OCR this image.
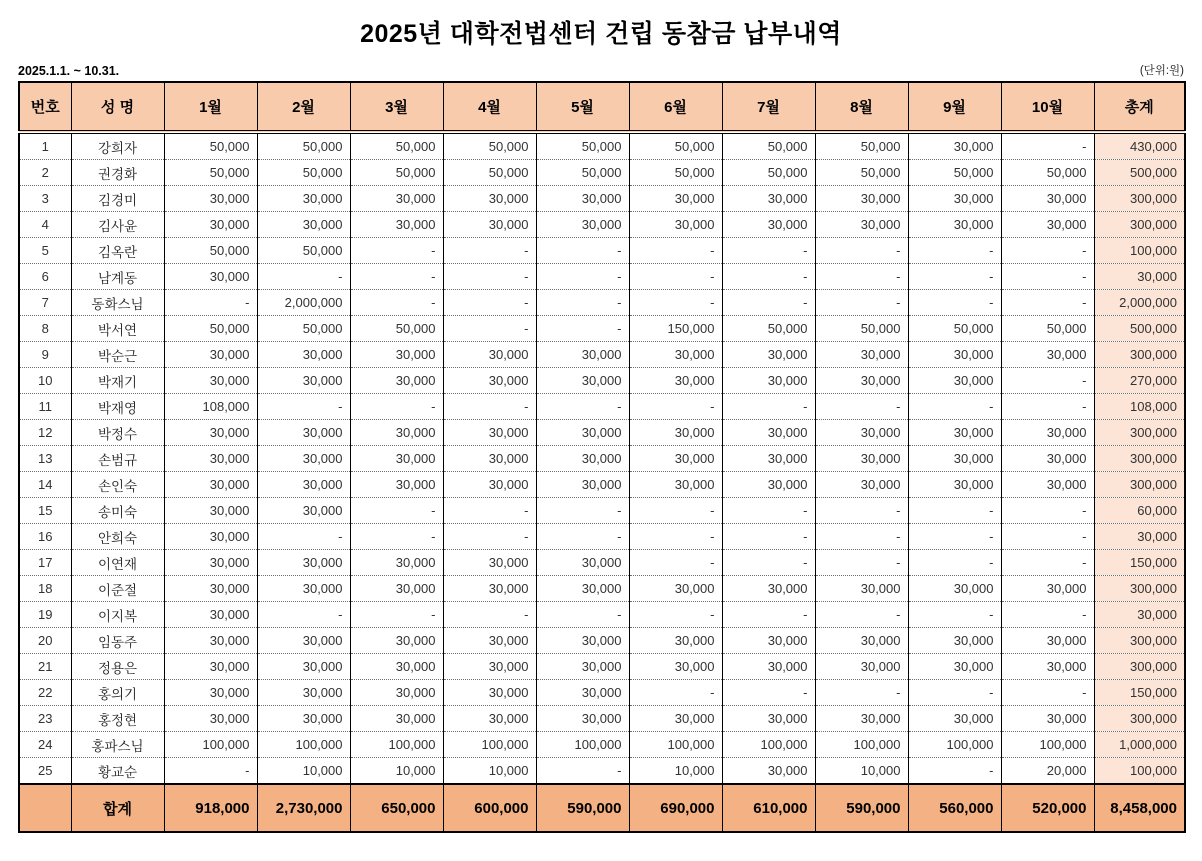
2025년 대학전법센터 건립 동참금 납부내역
2025.1.1. ~ 10.31.	(단위:원)
번호	성 명	1월	2월	3월	4월	5월	6월	7월	8월	9월	10월	총계
1	강희자	50,000	50,000	50,000	50,000	50,000	50,000	50,000	50,000	30,000	-	430,000
2	권경화	50,000	50,000	50,000	50,000	50,000	50,000	50,000	50,000	50,000	50,000	500,000
3	김경미	30,000	30,000	30,000	30,000	30,000	30,000	30,000	30,000	30,000	30,000	300,000
4	김사윤	30,000	30,000	30,000	30,000	30,000	30,000	30,000	30,000	30,000	30,000	300,000
5	김옥란	50,000	50,000	-	-	-	-	-	-	-	-	100,000
6	남계동	30,000	-	-	-	-	-	-	-	-	-	30,000
7	동화스님	-	2,000,000	-	-	-	-	-	-	-	-	2,000,000
8	박서연	50,000	50,000	50,000	-	-	150,000	50,000	50,000	50,000	50,000	500,000
9	박순근	30,000	30,000	30,000	30,000	30,000	30,000	30,000	30,000	30,000	30,000	300,000
10	박재기	30,000	30,000	30,000	30,000	30,000	30,000	30,000	30,000	30,000	-	270,000
11	박재영	108,000	-	-	-	-	-	-	-	-	-	108,000
12	박정수	30,000	30,000	30,000	30,000	30,000	30,000	30,000	30,000	30,000	30,000	300,000
13	손범규	30,000	30,000	30,000	30,000	30,000	30,000	30,000	30,000	30,000	30,000	300,000
14	손인숙	30,000	30,000	30,000	30,000	30,000	30,000	30,000	30,000	30,000	30,000	300,000
15	송미숙	30,000	30,000	-	-	-	-	-	-	-	-	60,000
16	안희숙	30,000	-	-	-	-	-	-	-	-	-	30,000
17	이연재	30,000	30,000	30,000	30,000	30,000	-	-	-	-	-	150,000
18	이준절	30,000	30,000	30,000	30,000	30,000	30,000	30,000	30,000	30,000	30,000	300,000
19	이지복	30,000	-	-	-	-	-	-	-	-	-	30,000
20	임동주	30,000	30,000	30,000	30,000	30,000	30,000	30,000	30,000	30,000	30,000	300,000
21	정용은	30,000	30,000	30,000	30,000	30,000	30,000	30,000	30,000	30,000	30,000	300,000
22	홍의기	30,000	30,000	30,000	30,000	30,000	-	-	-	-	-	150,000
23	홍정현	30,000	30,000	30,000	30,000	30,000	30,000	30,000	30,000	30,000	30,000	300,000
24	홍파스님	100,000	100,000	100,000	100,000	100,000	100,000	100,000	100,000	100,000	100,000	1,000,000
25	황교순	-	10,000	10,000	10,000	-	10,000	30,000	10,000	-	20,000	100,000
	합계	918,000	2,730,000	650,000	600,000	590,000	690,000	610,000	590,000	560,000	520,000	8,458,000
